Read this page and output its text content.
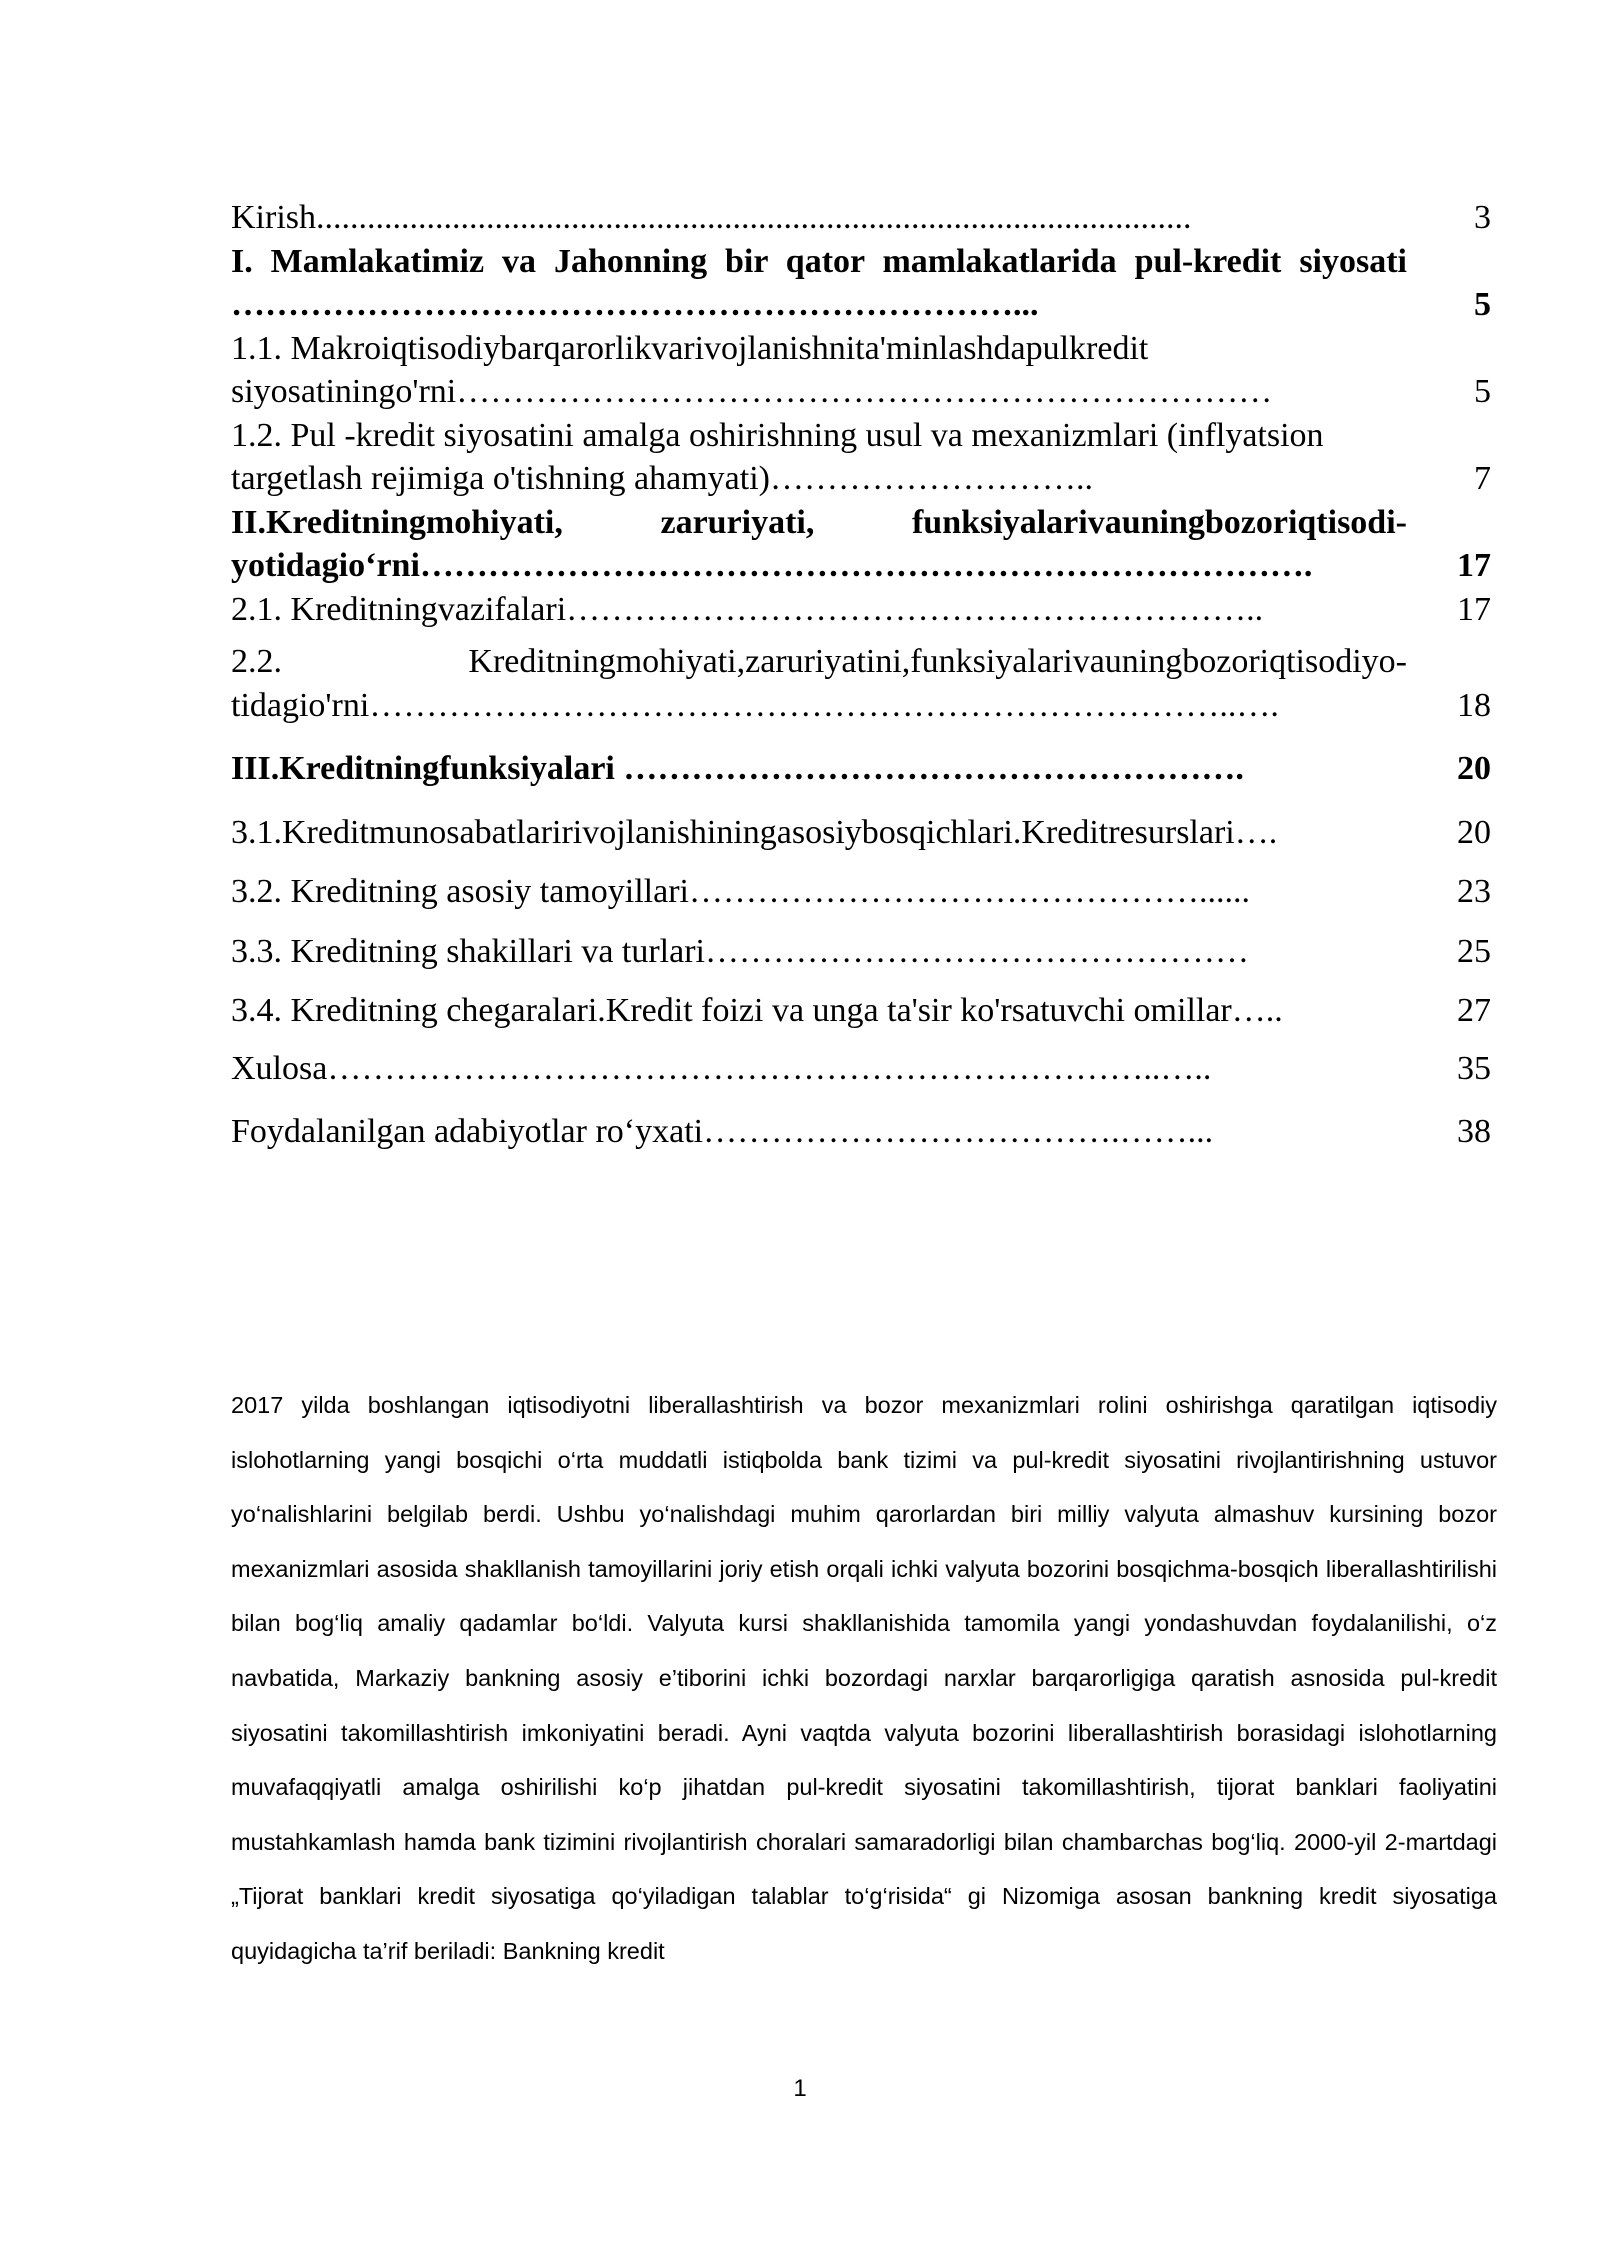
Kirish.......................................................................................................	3
I. Mamlakatimiz va Jahonning bir qator mamlakatlarida pul-kredit siyosati ……………………………………………………………...	5
1.1. Makroiqtisodiybarqarorlikvarivojlanishnita'minlashdapulkredit siyosatiningo'rni………………………………………………………………	5
1.2. Pul -kredit siyosatini amalga oshirishning usul va mexanizmlari (inflyatsion targetlash rejimiga o'tishning ahamyati)………………………..	7
II.Kreditningmohiyati, zaruriyati, funksiyalarivauningbozoriqtisodi-yotidagio‘rni…………………………………………………………………….	17
2.1. Kreditningvazifalari……………………………………………………..	17
2.2. Kreditningmohiyati,zaruriyatini,funksiyalarivauningbozoriqtisodiyo-tidagio'rni…………………………………………………………………..….	18
III.Kreditningfunksiyalari ……………………………………………….	20
3.1.Kreditmunosabatlaririvojlanishiningasosiybosqichlari.Kreditresurslari….	20
3.2. Kreditning asosiy tamoyillari………………………………………......	23
3.3. Kreditning shakillari va turlari…………………………………………	25
3.4. Kreditning chegaralari.Kredit foizi va unga ta'sir ko'rsatuvchi omillar…..	27
Xulosa………………………………………………………………..…..	35
Foydalanilgan adabiyotlar ro‘yxati……………………………….……...	38
2017 yilda boshlangan iqtisodiyotni liberallashtirish va bozor mexanizmlari rolini oshirishga qaratilgan iqtisodiy islohotlarning yangi bosqichi o‘rta muddatli istiqbolda bank tizimi va pul-kredit siyosatini rivojlantirishning ustuvor yo‘nalishlarini belgilab berdi. Ushbu yo‘nalishdagi muhim qarorlardan biri milliy valyuta almashuv kursining bozor mexanizmlari asosida shakllanish tamoyillarini joriy etish orqali ichki valyuta bozorini bosqichma-bosqich liberallashtirilishi bilan bog‘liq amaliy qadamlar bo‘ldi. Valyuta kursi shakllanishida tamomila yangi yondashuvdan foydalanilishi, o‘z navbatida, Markaziy bankning asosiy e’tiborini ichki bozordagi narxlar barqarorligiga qaratish asnosida pul-kredit siyosatini takomillashtirish imkoniyatini beradi. Ayni vaqtda valyuta bozorini liberallashtirish borasidagi islohotlarning muvafaqqiyatli amalga oshirilishi ko‘p jihatdan pul-kredit siyosatini takomillashtirish, tijorat banklari faoliyatini mustahkamlash hamda bank tizimini rivojlantirish choralari samaradorligi bilan chambarchas bog‘liq. 2000-yil 2-martdagi „Tijorat banklari kredit siyosatiga qo‘yiladigan talablar to‘g‘risida“ gi Nizomiga asosan bankning kredit siyosatiga quyidagicha ta’rif beriladi: Bankning kredit
1
